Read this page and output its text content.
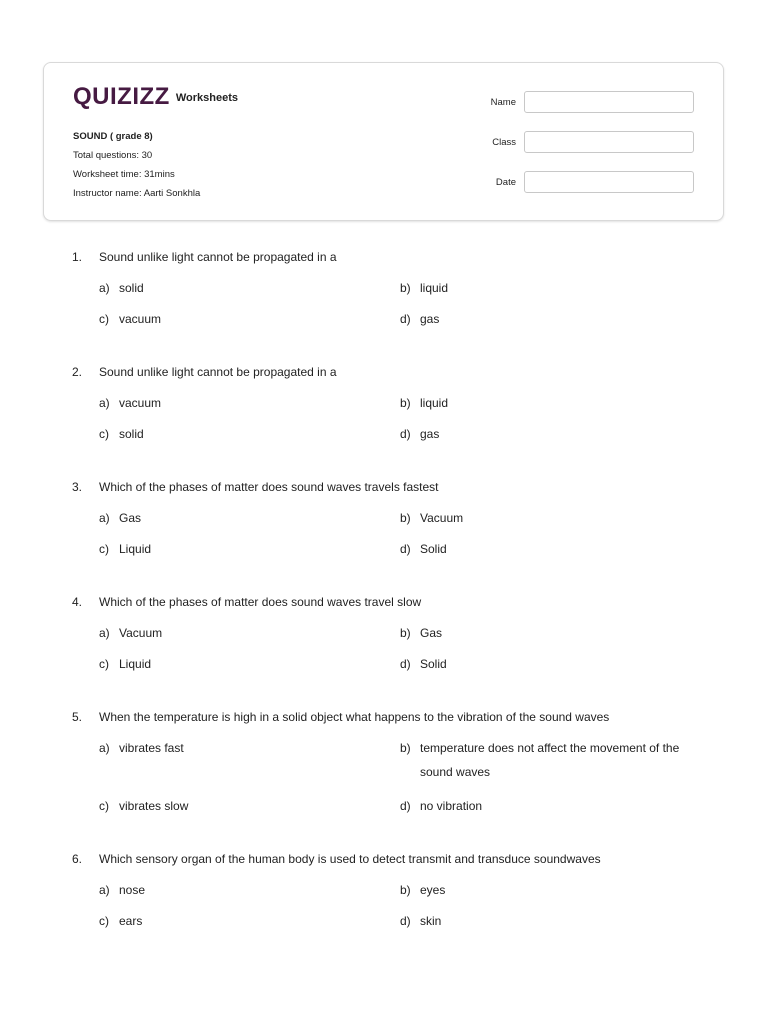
QUIZIZZ Worksheets
SOUND ( grade 8)
Total questions: 30
Worksheet time: 31mins
Instructor name: Aarti Sonkhla
Name
Class
Date
1.	Sound unlike light cannot be propagated in a
a) solid	b) liquid
c) vacuum	d) gas
2.	Sound unlike light cannot be propagated in a
a) vacuum	b) liquid
c) solid	d) gas
3.	Which of the phases of matter does sound waves travels fastest
a) Gas	b) Vacuum
c) Liquid	d) Solid
4.	Which of the phases of matter does sound waves travel slow
a) Vacuum	b) Gas
c) Liquid	d) Solid
5.	When the temperature is high in a solid object what happens to the vibration of the sound waves
a) vibrates fast	b) temperature does not affect the movement of the sound waves
c) vibrates slow	d) no vibration
6.	Which sensory organ of the human body is used to detect transmit and transduce soundwaves
a) nose	b) eyes
c) ears	d) skin
